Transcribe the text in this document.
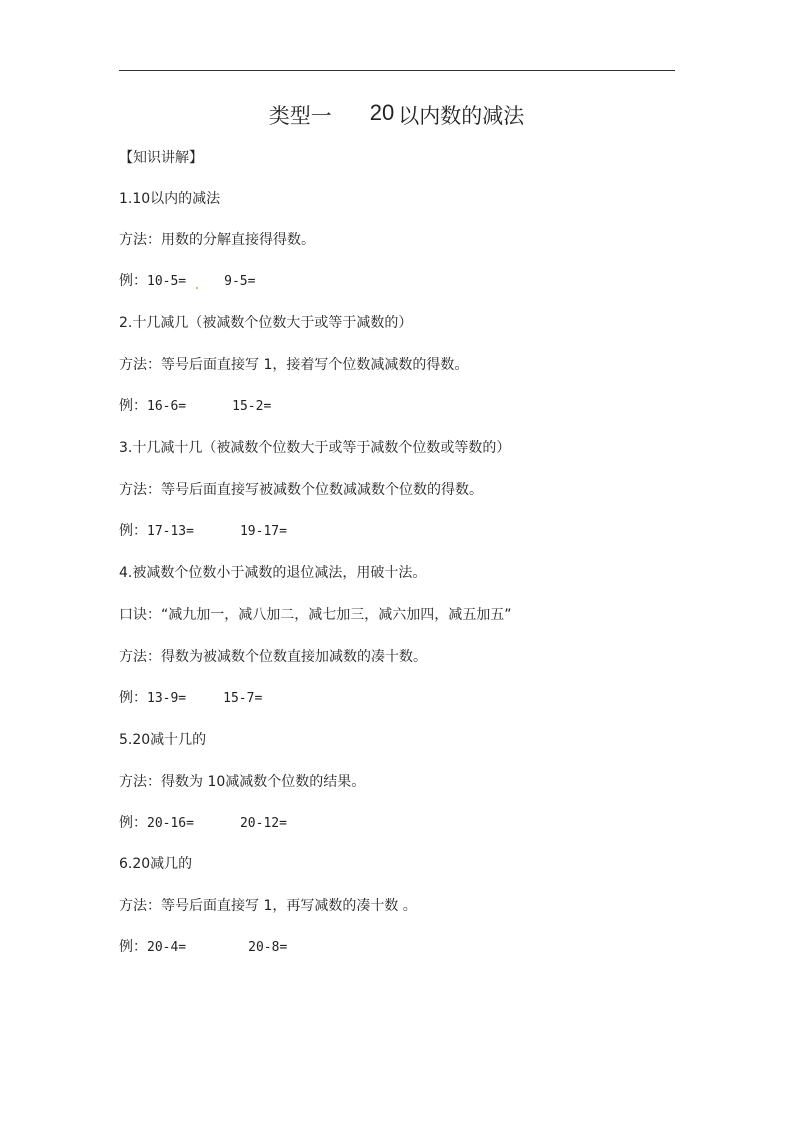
类型一 20 以内数的减法
【知识讲解】
1.10以内的减法
方法：用数的分解直接得得数。
例：10-5=	9-5=
2.十几减几（被减数个位数大于或等于减数的）
方法：等号后面直接写 1，接着写个位数减减数的得数。
例：16-6=	15-2=
3.十几减十几（被减数个位数大于或等于减数个位数或等数的）
方法：等号后面直接写被减数个位数减减数个位数的得数。
例：17-13=	19-17=
4.被减数个位数小于减数的退位减法，用破十法。
口诀：“减九加一，减八加二，减七加三，减六加四，减五加五”
方法：得数为被减数个位数直接加减数的凑十数。
例：13-9=	15-7=
5.20减十几的
方法：得数为 10减减数个位数的结果。
例：20-16=	20-12=
6.20减几的
方法：等号后面直接写 1，再写减数的凑十数 。
例：20-4=	20-8=
